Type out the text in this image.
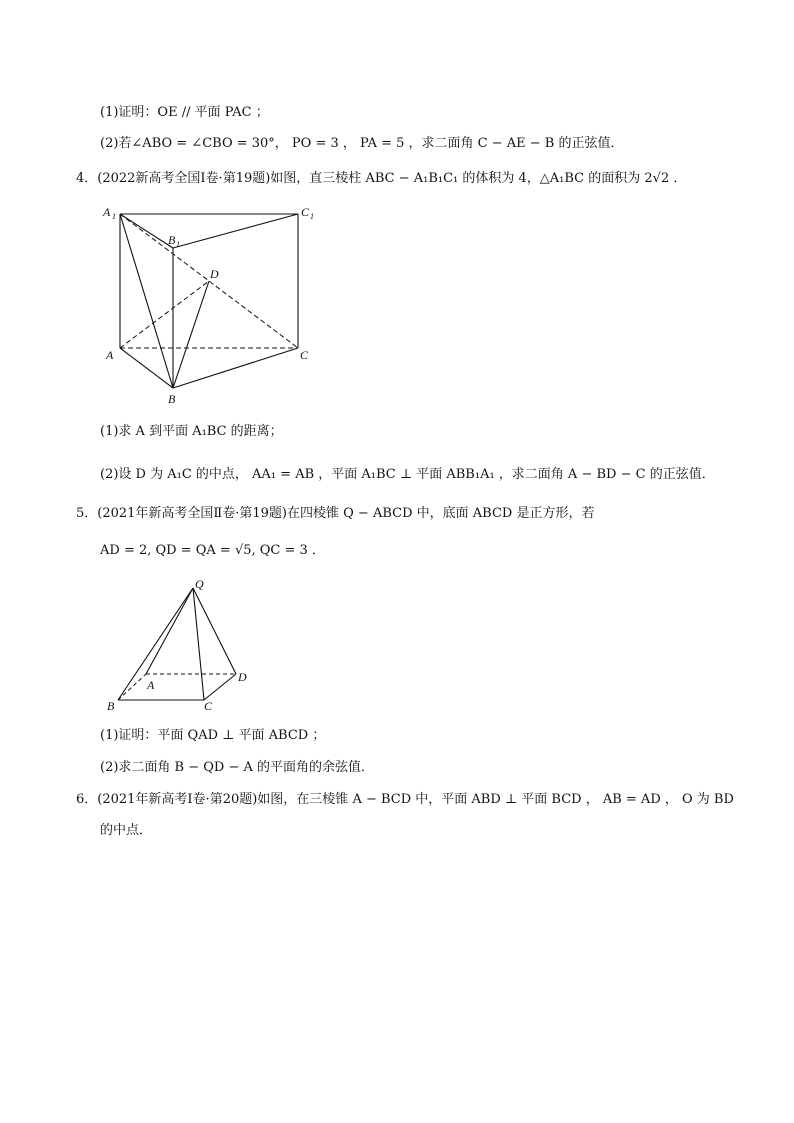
(1)证明：OE // 平面 PAC ；
(2)若∠ABO = ∠CBO = 30°， PO = 3 ， PA = 5 ，求二面角 C − AE − B 的正弦值．
4．(2022新高考全国Ⅰ卷·第19题)如图，直三棱柱 ABC − A₁B₁C₁ 的体积为 4，△A₁BC 的面积为 2√2 ．
A 1
B 1
C 1
D
A
B
C
(1)求 A 到平面 A₁BC 的距离；
(2)设 D 为 A₁C 的中点， AA₁ = AB ，平面 A₁BC ⊥ 平面 ABB₁A₁ ，求二面角 A − BD − C 的正弦值．
5．(2021年新高考全国Ⅱ卷·第19题)在四棱锥 Q − ABCD 中，底面 ABCD 是正方形，若
AD = 2, QD = QA = √5, QC = 3 ．
Q
A
B	C
D
(1)证明：平面 QAD ⊥ 平面 ABCD ；
(2)求二面角 B − QD − A 的平面角的余弦值．
6．(2021年新高考Ⅰ卷·第20题)如图，在三棱锥 A − BCD 中，平面 ABD ⊥ 平面 BCD ， AB = AD ， O 为 BD
的中点．
